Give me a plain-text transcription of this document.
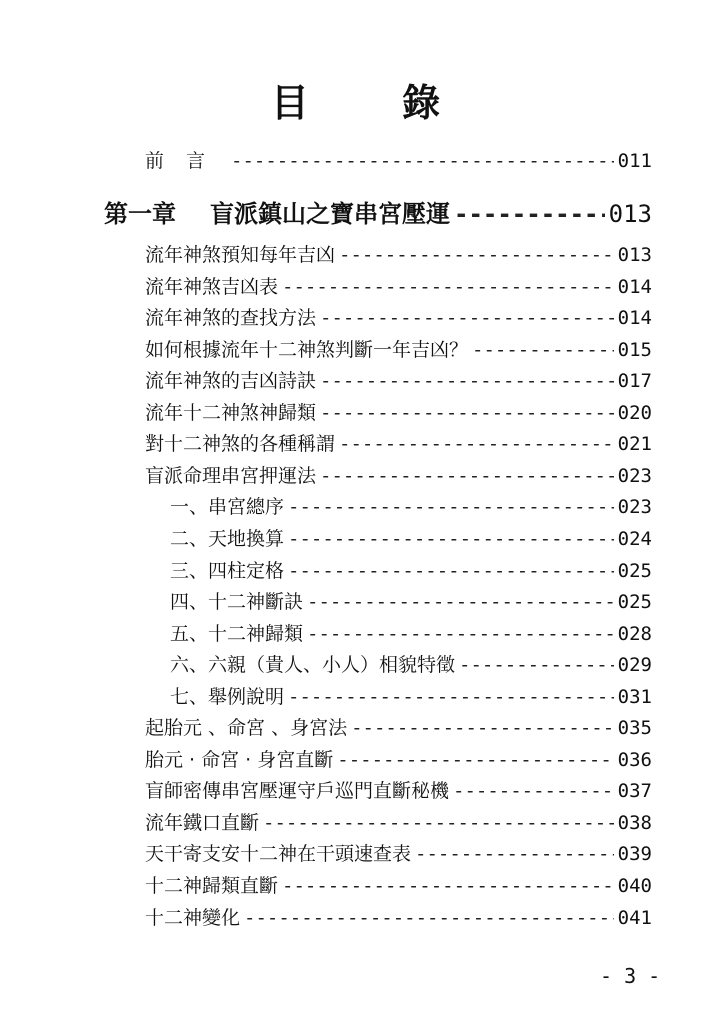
目 錄
前言 -----	011
第一章 盲派鎮山之寶串宮壓運 -----	013
流年神煞預知每年吉凶 -----	013
流年神煞吉凶表 -----	014
流年神煞的查找方法 -----	014
如何根據流年十二神煞判斷一年吉凶？ -----	015
流年神煞的吉凶詩訣 -----	017
流年十二神煞神歸類 -----	020
對十二神煞的各種稱謂 -----	021
盲派命理串宮押運法 -----	023
一、串宮總序 -----	023
二、天地換算 -----	024
三、四柱定格 -----	025
四、十二神斷訣 -----	025
五、十二神歸類 -----	028
六、六親（貴人、小人）相貌特徵 -----	029
七、舉例說明 -----	031
起胎元 、命宮 、身宮法 -----	035
胎元 · 命宮 · 身宮直斷 -----	036
盲師密傳串宮壓運守戶巡門直斷秘機 -----	037
流年鐵口直斷 -----	038
天干寄支安十二神在干頭速查表 -----	039
十二神歸類直斷 -----	040
十二神變化 -----	041
- 3 -
